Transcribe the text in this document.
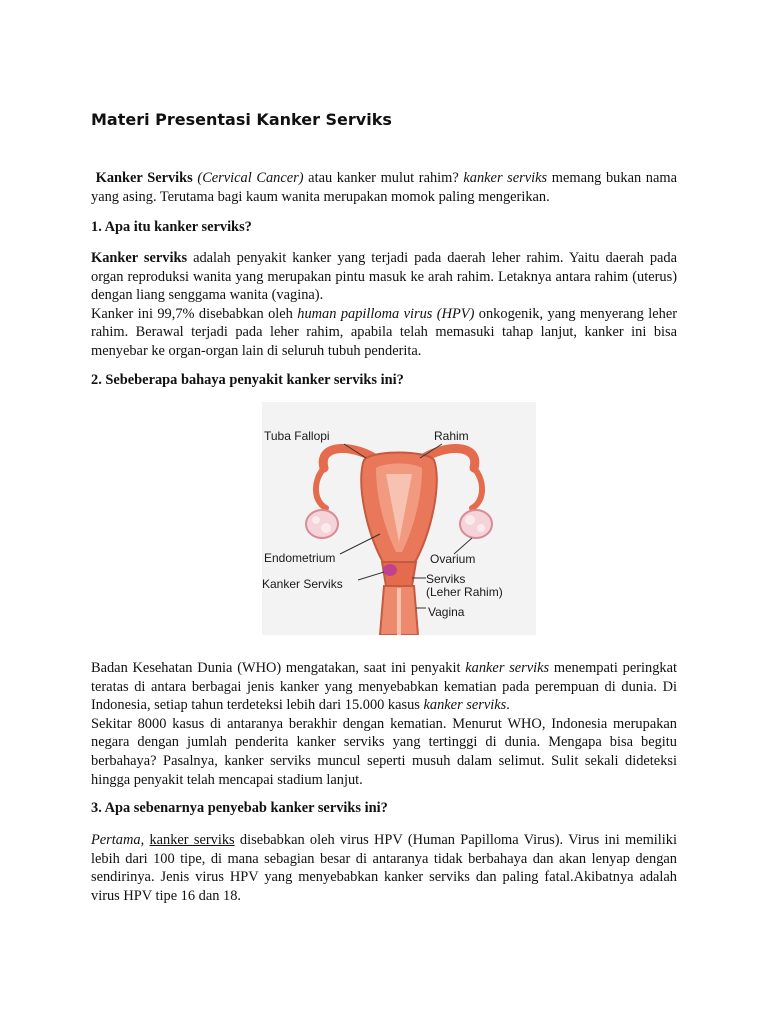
Materi Presentasi Kanker Serviks

Kanker Serviks (Cervical Cancer) atau kanker mulut rahim? kanker serviks memang bukan nama yang asing. Terutama bagi kaum wanita merupakan momok paling mengerikan.

1. Apa itu kanker serviks?

Kanker serviks adalah penyakit kanker yang terjadi pada daerah leher rahim. Yaitu daerah pada organ reproduksi wanita yang merupakan pintu masuk ke arah rahim. Letaknya antara rahim (uterus) dengan liang senggama wanita (vagina).
Kanker ini 99,7% disebabkan oleh human papilloma virus (HPV) onkogenik, yang menyerang leher rahim. Berawal terjadi pada leher rahim, apabila telah memasuki tahap lanjut, kanker ini bisa menyebar ke organ-organ lain di seluruh tubuh penderita.

2. Sebeberapa bahaya penyakit kanker serviks ini?
Tuba Fallopi	Rahim
Endometrium	Ovarium
Kanker Serviks	Serviks
(Leher Rahim)
Vagina

Badan Kesehatan Dunia (WHO) mengatakan, saat ini penyakit kanker serviks menempati peringkat teratas di antara berbagai jenis kanker yang menyebabkan kematian pada perempuan di dunia. Di Indonesia, setiap tahun terdeteksi lebih dari 15.000 kasus kanker serviks.
Sekitar 8000 kasus di antaranya berakhir dengan kematian. Menurut WHO, Indonesia merupakan negara dengan jumlah penderita kanker serviks yang tertinggi di dunia. Mengapa bisa begitu berbahaya? Pasalnya, kanker serviks muncul seperti musuh dalam selimut. Sulit sekali dideteksi hingga penyakit telah mencapai stadium lanjut.

3. Apa sebenarnya penyebab kanker serviks ini?

Pertama, kanker serviks disebabkan oleh virus HPV (Human Papilloma Virus). Virus ini memiliki lebih dari 100 tipe, di mana sebagian besar di antaranya tidak berbahaya dan akan lenyap dengan sendirinya. Jenis virus HPV yang menyebabkan kanker serviks dan paling fatal.Akibatnya adalah virus HPV tipe 16 dan 18.
